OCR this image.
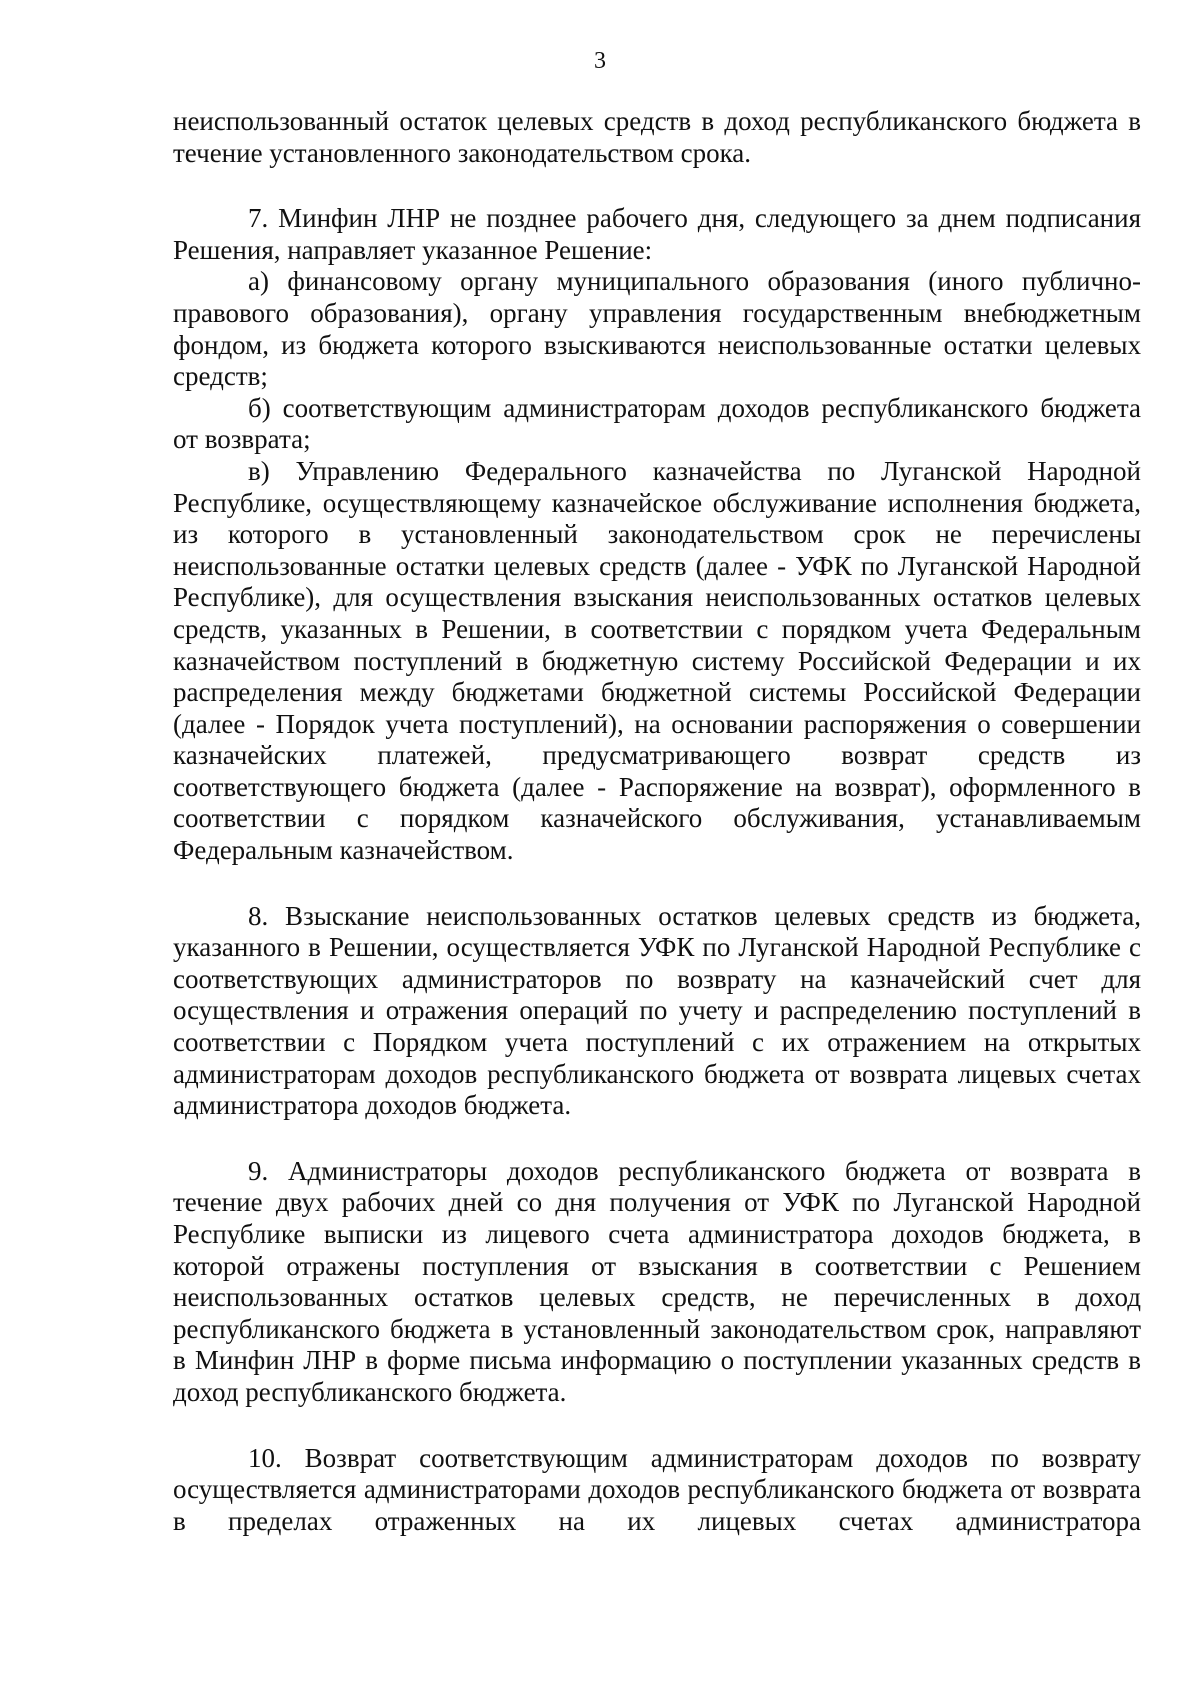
3

неиспользованный остаток целевых средств в доход республиканского бюджета в течение установленного законодательством срока.

7. Минфин ЛНР не позднее рабочего дня, следующего за днем подписания Решения, направляет указанное Решение:

а) финансовому органу муниципального образования (иного публично-правового образования), органу управления государственным внебюджетным фондом, из бюджета которого взыскиваются неиспользованные остатки целевых средств;

б) соответствующим администраторам доходов республиканского бюджета от возврата;

в) Управлению Федерального казначейства по Луганской Народной Республике, осуществляющему казначейское обслуживание исполнения бюджета, из которого в установленный законодательством срок не перечислены неиспользованные остатки целевых средств (далее - УФК по Луганской Народной Республике), для осуществления взыскания неиспользованных остатков целевых средств, указанных в Решении, в соответствии с порядком учета Федеральным казначейством поступлений в бюджетную систему Российской Федерации и их распределения между бюджетами бюджетной системы Российской Федерации (далее - Порядок учета поступлений), на основании распоряжения о совершении казначейских платежей, предусматривающего возврат средств из соответствующего бюджета (далее - Распоряжение на возврат), оформленного в соответствии с порядком казначейского обслуживания, устанавливаемым Федеральным казначейством.

8. Взыскание неиспользованных остатков целевых средств из бюджета, указанного в Решении, осуществляется УФК по Луганской Народной Республике с соответствующих администраторов по возврату на казначейский счет для осуществления и отражения операций по учету и распределению поступлений в соответствии с Порядком учета поступлений с их отражением на открытых администраторам доходов республиканского бюджета от возврата лицевых счетах администратора доходов бюджета.

9. Администраторы доходов республиканского бюджета от возврата в течение двух рабочих дней со дня получения от УФК по Луганской Народной Республике выписки из лицевого счета администратора доходов бюджета, в которой отражены поступления от взыскания в соответствии с Решением неиспользованных остатков целевых средств, не перечисленных в доход республиканского бюджета в установленный законодательством срок, направляют в Минфин ЛНР в форме письма информацию о поступлении указанных средств в доход республиканского бюджета.

10. Возврат соответствующим администраторам доходов по возврату осуществляется администраторами доходов республиканского бюджета от возврата в пределах отраженных на их лицевых счетах администратора
